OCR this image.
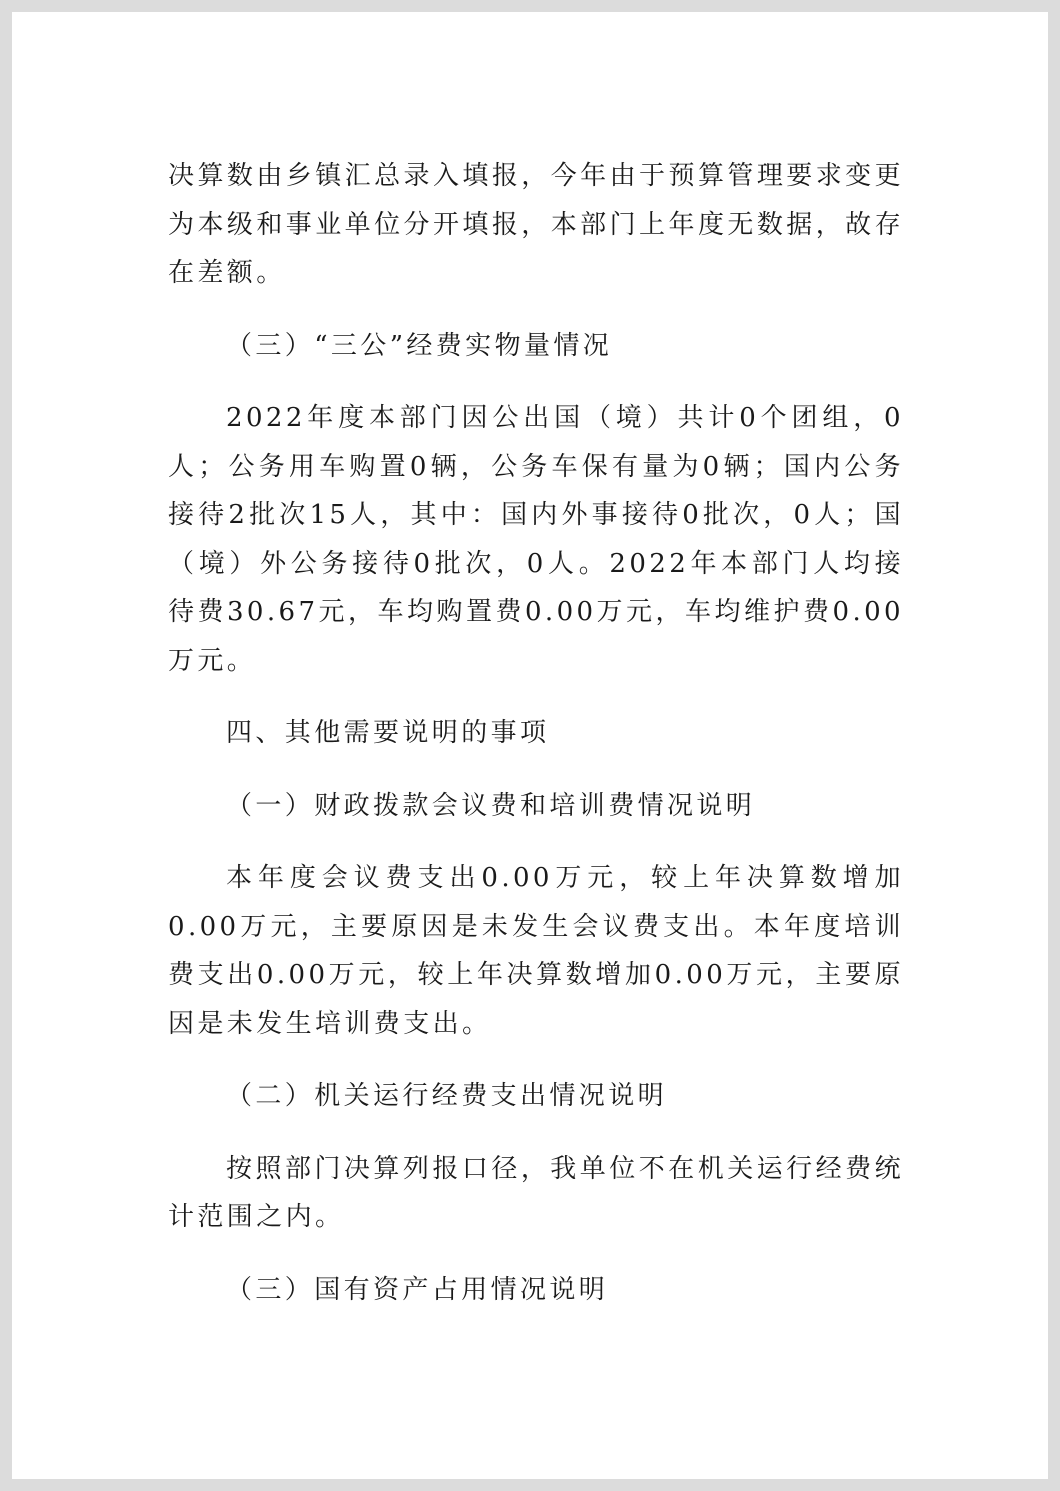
决算数由乡镇汇总录入填报，今年由于预算管理要求变更为本级和事业单位分开填报，本部门上年度无数据，故存在差额。

（三）“三公”经费实物量情况

2022年度本部门因公出国（境）共计0个团组，0人；公务用车购置0辆，公务车保有量为0辆；国内公务接待2批次15人，其中：国内外事接待0批次，0人；国（境）外公务接待0批次，0人。2022年本部门人均接待费30.67元，车均购置费0.00万元，车均维护费0.00万元。

四、其他需要说明的事项

（一）财政拨款会议费和培训费情况说明

本年度会议费支出0.00万元，较上年决算数增加0.00万元，主要原因是未发生会议费支出。本年度培训费支出0.00万元，较上年决算数增加0.00万元，主要原因是未发生培训费支出。

（二）机关运行经费支出情况说明

按照部门决算列报口径，我单位不在机关运行经费统计范围之内。

（三）国有资产占用情况说明
